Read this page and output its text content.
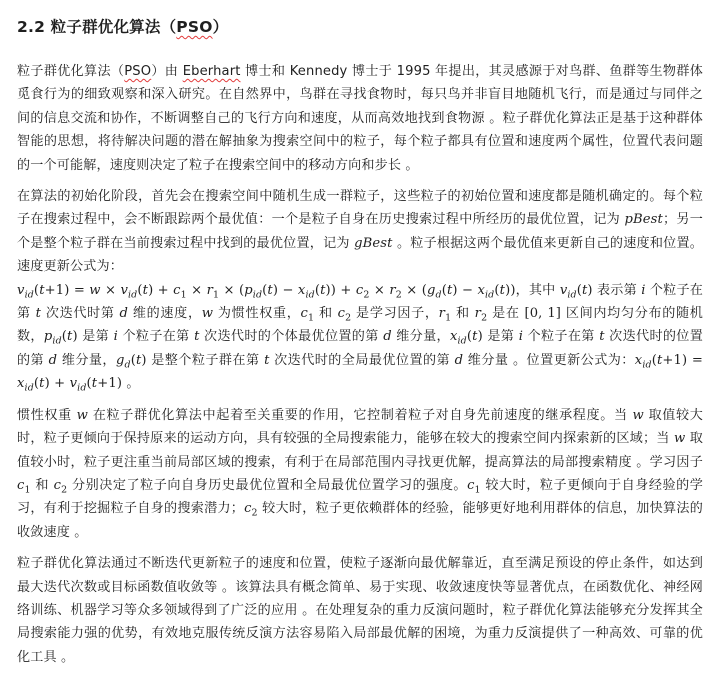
2.2 粒子群优化算法（PSO）

粒子群优化算法（PSO）由 Eberhart 博士和 Kennedy 博士于 1995 年提出，其灵感源于对鸟群、鱼群等生物群体觅食行为的细致观察和深入研究。在自然界中，鸟群在寻找食物时，每只鸟并非盲目地随机飞行，而是通过与同伴之间的信息交流和协作，不断调整自己的飞行方向和速度，从而高效地找到食物源 。粒子群优化算法正是基于这种群体智能的思想，将待解决问题的潜在解抽象为搜索空间中的粒子，每个粒子都具有位置和速度两个属性，位置代表问题的一个可能解，速度则决定了粒子在搜索空间中的移动方向和步长 。

在算法的初始化阶段，首先会在搜索空间中随机生成一群粒子，这些粒子的初始位置和速度都是随机确定的。每个粒子在搜索过程中，会不断跟踪两个最优值：一个是粒子自身在历史搜索过程中所经历的最优位置，记为 pBest；另一个是整个粒子群在当前搜索过程中找到的最优位置，记为 gBest 。粒子根据这两个最优值来更新自己的速度和位置。速度更新公式为：
$v_{id}(t+1) = w \times v_{id}(t) + c_1 \times r_1 \times (p_{id}(t) - x_{id}(t)) + c_2 \times r_2 \times (g_d(t) - x_{id}(t))$，其中 $v_{id}(t)$ 表示第 i 个粒子在第 t 次迭代时第 d 维的速度，w 为惯性权重，$c_1$ 和 $c_2$ 是学习因子，$r_1$ 和 $r_2$ 是在 [0, 1] 区间内均匀分布的随机数，$p_{id}(t)$ 是第 i 个粒子在第 t 次迭代时的个体最优位置的第 d 维分量，$x_{id}(t)$ 是第 i 个粒子在第 t 次迭代时的位置的第 d 维分量，$g_d(t)$ 是整个粒子群在第 t 次迭代时的全局最优位置的第 d 维分量 。位置更新公式为：$x_{id}(t+1) = x_{id}(t) + v_{id}(t+1)$ 。

惯性权重 w 在粒子群优化算法中起着至关重要的作用，它控制着粒子对自身先前速度的继承程度。当 w 取值较大时，粒子更倾向于保持原来的运动方向，具有较强的全局搜索能力，能够在较大的搜索空间内探索新的区域；当 w 取值较小时，粒子更注重当前局部区域的搜索，有利于在局部范围内寻找更优解，提高算法的局部搜索精度 。学习因子 $c_1$ 和 $c_2$ 分别决定了粒子向自身历史最优位置和全局最优位置学习的强度。$c_1$ 较大时，粒子更倾向于自身经验的学习，有利于挖掘粒子自身的搜索潜力；$c_2$ 较大时，粒子更依赖群体的经验，能够更好地利用群体的信息，加快算法的收敛速度 。

粒子群优化算法通过不断迭代更新粒子的速度和位置，使粒子逐渐向最优解靠近，直至满足预设的停止条件，如达到最大迭代次数或目标函数值收敛等 。该算法具有概念简单、易于实现、收敛速度快等显著优点，在函数优化、神经网络训练、机器学习等众多领域得到了广泛的应用 。在处理复杂的重力反演问题时，粒子群优化算法能够充分发挥其全局搜索能力强的优势，有效地克服传统反演方法容易陷入局部最优解的困境，为重力反演提供了一种高效、可靠的优化工具 。
